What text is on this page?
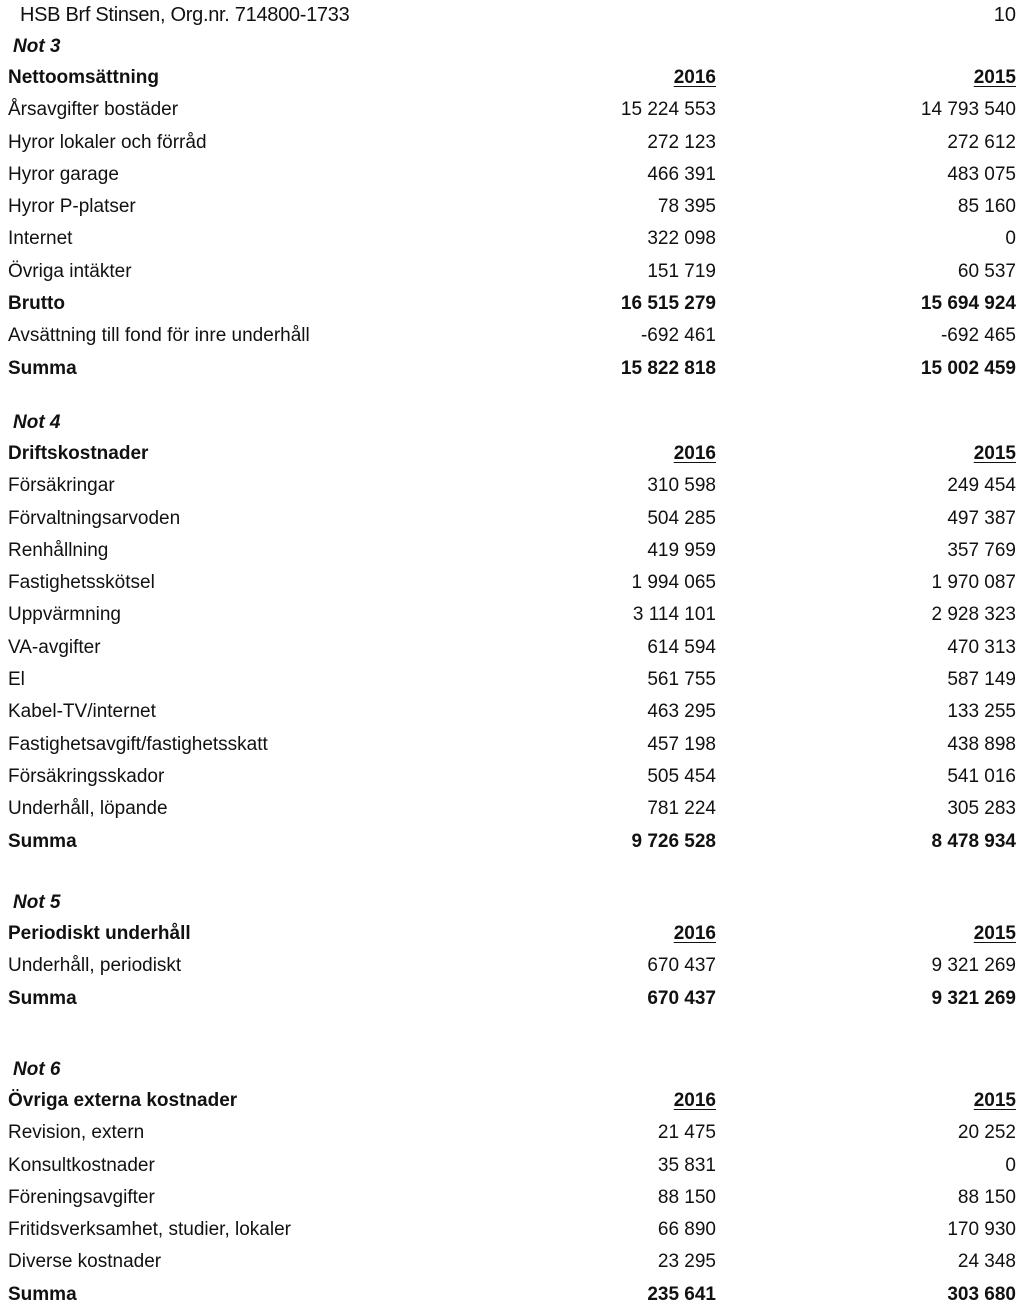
HSB Brf Stinsen, Org.nr. 714800-1733	10
Not 3
Nettoomsättning	2016	2015
Årsavgifter bostäder	15 224 553	14 793 540
Hyror lokaler och förråd	272 123	272 612
Hyror garage	466 391	483 075
Hyror P-platser	78 395	85 160
Internet	322 098	0
Övriga intäkter	151 719	60 537
Brutto	16 515 279	15 694 924
Avsättning till fond för inre underhåll	-692 461	-692 465
Summa	15 822 818	15 002 459
Not 4
Driftskostnader	2016	2015
Försäkringar	310 598	249 454
Förvaltningsarvoden	504 285	497 387
Renhållning	419 959	357 769
Fastighetsskötsel	1 994 065	1 970 087
Uppvärmning	3 114 101	2 928 323
VA-avgifter	614 594	470 313
El	561 755	587 149
Kabel-TV/internet	463 295	133 255
Fastighetsavgift/fastighetsskatt	457 198	438 898
Försäkringsskador	505 454	541 016
Underhåll, löpande	781 224	305 283
Summa	9 726 528	8 478 934
Not 5
Periodiskt underhåll	2016	2015
Underhåll, periodiskt	670 437	9 321 269
Summa	670 437	9 321 269
Not 6
Övriga externa kostnader	2016	2015
Revision, extern	21 475	20 252
Konsultkostnader	35 831	0
Föreningsavgifter	88 150	88 150
Fritidsverksamhet, studier, lokaler	66 890	170 930
Diverse kostnader	23 295	24 348
Summa	235 641	303 680
